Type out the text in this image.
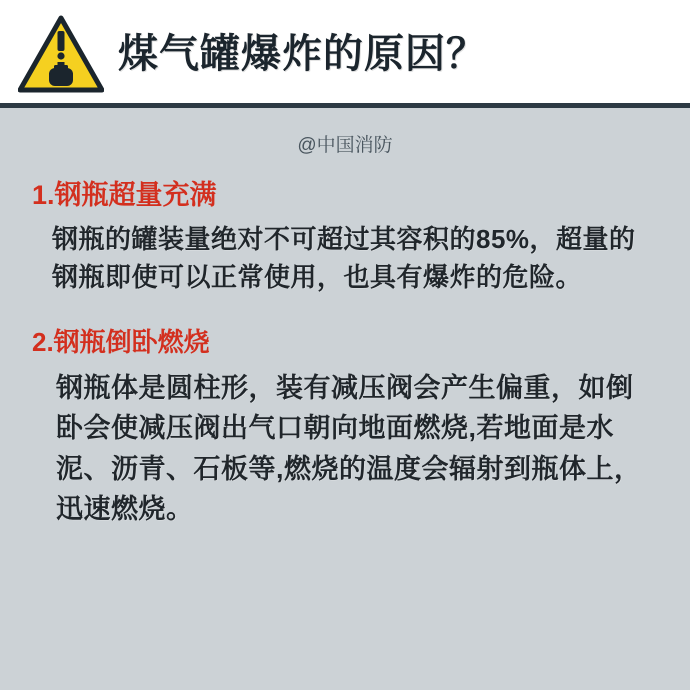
煤气罐爆炸的原因？
@中国消防
1.钢瓶超量充满
钢瓶的罐装量绝对不可超过其容积的85%，超量的钢瓶即使可以正常使用，也具有爆炸的危险。
2.钢瓶倒卧燃烧
钢瓶体是圆柱形，装有减压阀会产生偏重，如倒卧会使减压阀出气口朝向地面燃烧,若地面是水泥、沥青、石板等,燃烧的温度会辐射到瓶体上，迅速燃烧。
